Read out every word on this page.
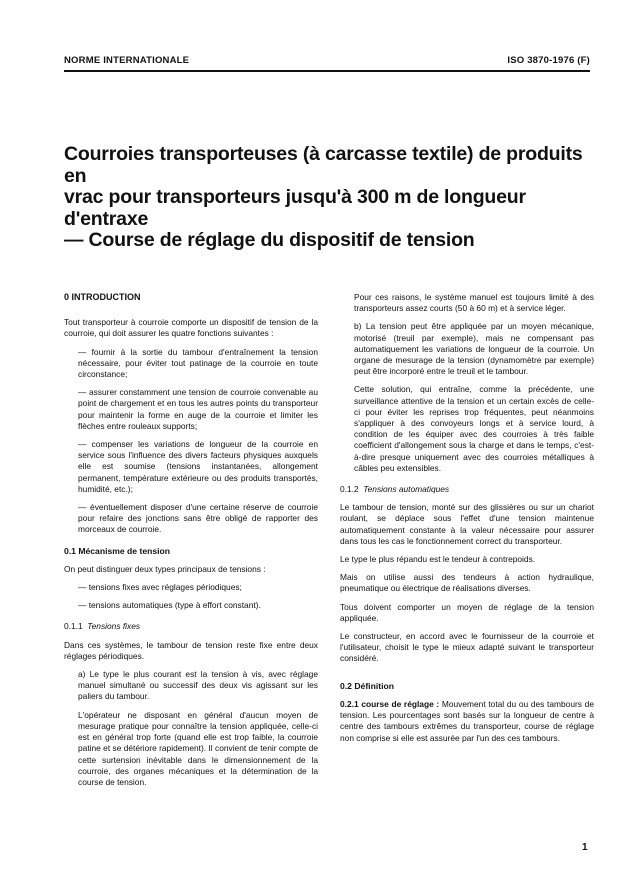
NORME INTERNATIONALE	ISO 3870-1976 (F)
Courroies transporteuses (à carcasse textile) de produits en
vrac pour transporteurs jusqu'à 300 m de longueur d'entraxe
— Course de réglage du dispositif de tension

0 INTRODUCTION

Tout transporteur à courroie comporte un dispositif de tension de la courroie, qui doit assurer les quatre fonctions suivantes :

— fournir à la sortie du tambour d'entraînement la tension nécessaire, pour éviter tout patinage de la courroie en toute circonstance;

— assurer constamment une tension de courroie convenable au point de chargement et en tous les autres points du transporteur pour maintenir la forme en auge de la courroie et limiter les flèches entre rouleaux supports;

— compenser les variations de longueur de la courroie en service sous l'influence des divers facteurs physiques auxquels elle est soumise (tensions instantanées, allongement permanent, température extérieure ou des produits transportés, humidité, etc.);

— éventuellement disposer d'une certaine réserve de courroie pour refaire des jonctions sans être obligé de rapporter des morceaux de courroie.

0.1 Mécanisme de tension

On peut distinguer deux types principaux de tensions :

— tensions fixes avec réglages périodiques;

— tensions automatiques (type à effort constant).

0.1.1 Tensions fixes

Dans ces systèmes, le tambour de tension reste fixe entre deux réglages périodiques.

a) Le type le plus courant est la tension à vis, avec réglage manuel simultané ou successif des deux vis agissant sur les paliers du tambour.

L'opérateur ne disposant en général d'aucun moyen de mesurage pratique pour connaître la tension appliquée, celle-ci est en général trop forte (quand elle est trop faible, la courroie patine et se détériore rapidement). Il convient de tenir compte de cette surtension inévitable dans le dimensionnement de la courroie, des organes mécaniques et la détermination de la course de tension.

Pour ces raisons, le système manuel est toujours limité à des transporteurs assez courts (50 à 60 m) et à service léger.

b) La tension peut être appliquée par un moyen mécanique, motorisé (treuil par exemple), mais ne compensant pas automatiquement les variations de longueur de la courroie. Un organe de mesurage de la tension (dynamomètre par exemple) peut être incorporé entre le treuil et le tambour.

Cette solution, qui entraîne, comme la précédente, une surveillance attentive de la tension et un certain excès de celle-ci pour éviter les reprises trop fréquentes, peut néanmoins s'appliquer à des convoyeurs longs et à service lourd, à condition de les équiper avec des courroies à très faible coefficient d'allongement sous la charge et dans le temps, c'est-à-dire presque uniquement avec des courroies métalliques à câbles peu extensibles.

0.1.2 Tensions automatiques

Le tambour de tension, monté sur des glissières ou sur un chariot roulant, se déplace sous l'effet d'une tension maintenue automatiquement constante à la valeur nécessaire pour assurer dans tous les cas le fonctionnement correct du transporteur.

Le type le plus répandu est le tendeur à contrepoids.

Mais on utilise aussi des tendeurs à action hydraulique, pneumatique ou électrique de réalisations diverses.

Tous doivent comporter un moyen de réglage de la tension appliquée.

Le constructeur, en accord avec le fournisseur de la courroie et l'utilisateur, choisit le type le mieux adapté suivant le transporteur considéré.

0.2 Définition

0.2.1 course de réglage : Mouvement total du ou des tambours de tension. Les pourcentages sont basés sur la longueur de centre à centre des tambours extrêmes du transporteur, course de réglage non comprise si elle est assurée par l'un des ces tambours.

1
